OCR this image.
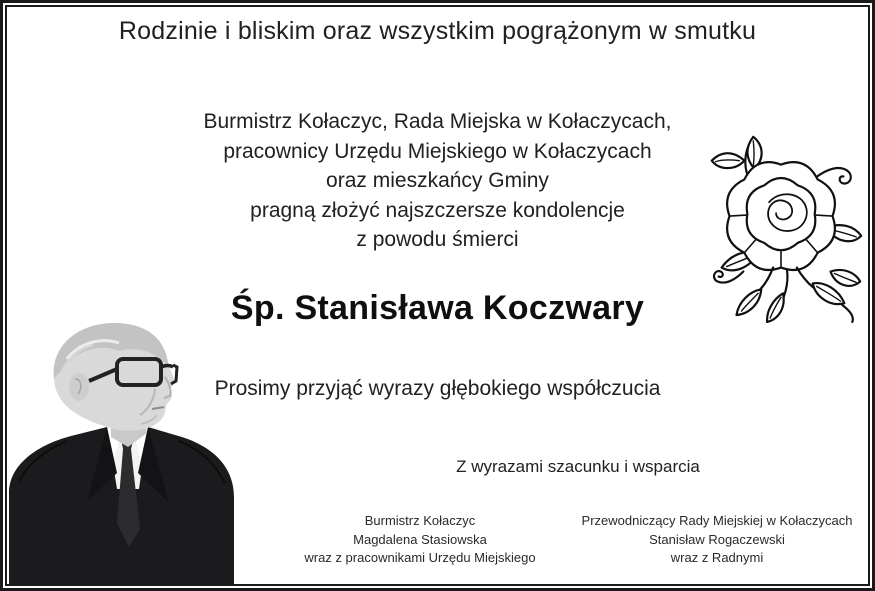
Rodzinie i bliskim oraz wszystkim pogrążonym w smutku
Burmistrz Kołaczyc, Rada Miejska w Kołaczycach,
pracownicy Urzędu Miejskiego w Kołaczycach
oraz mieszkańcy Gminy
pragną złożyć najszczersze kondolencje
z powodu śmierci
Śp. Stanisława Koczwary
Prosimy przyjąć wyrazy głębokiego współczucia
Z wyrazami szacunku i wsparcia
Burmistrz Kołaczyc
Magdalena Stasiowska
wraz z pracownikami Urzędu Miejskiego
Przewodniczący Rady Miejskiej w Kołaczycach
Stanisław Rogaczewski
wraz z Radnymi
